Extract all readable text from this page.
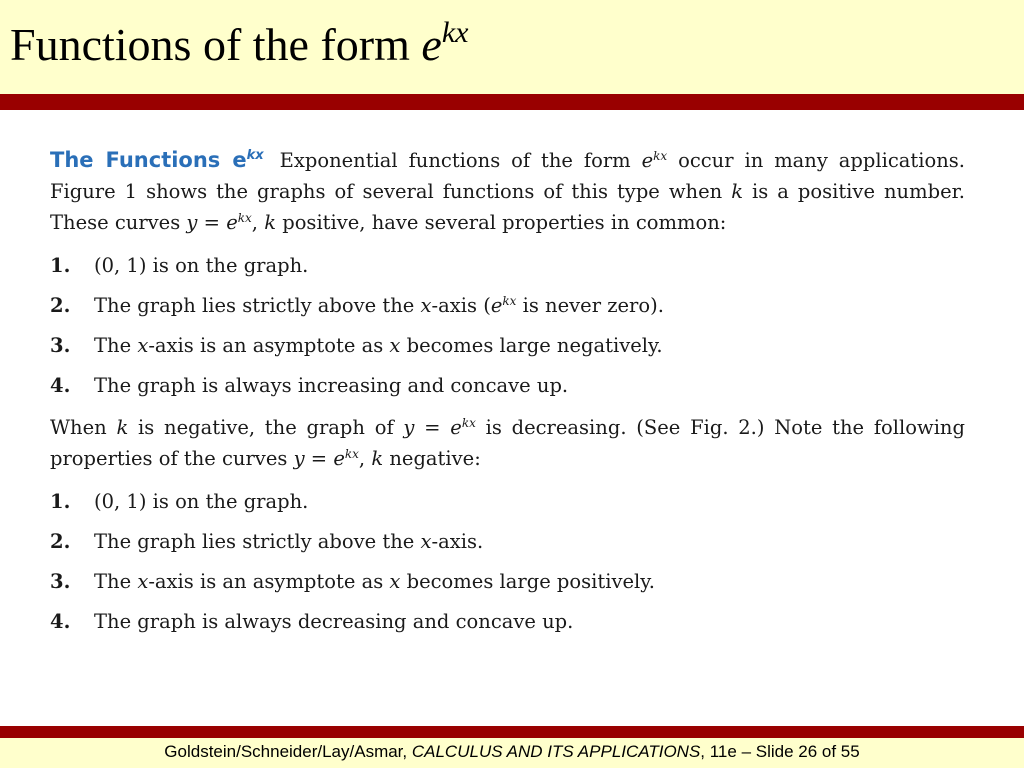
Functions of the form $e^{kx}$

The Functions $e^{kx}$ Exponential functions of the form $e^{kx}$ occur in many applications. Figure 1 shows the graphs of several functions of this type when k is a positive number. These curves $y = e^{kx}$, k positive, have several properties in common:

1.	(0, 1) is on the graph.
2.	The graph lies strictly above the x-axis ($e^{kx}$ is never zero).
3.	The x-axis is an asymptote as x becomes large negatively.
4.	The graph is always increasing and concave up.

When k is negative, the graph of $y = e^{kx}$ is decreasing. (See Fig. 2.) Note the following properties of the curves $y = e^{kx}$, k negative:

1.	(0, 1) is on the graph.
2.	The graph lies strictly above the x-axis.
3.	The x-axis is an asymptote as x becomes large positively.
4.	The graph is always decreasing and concave up.
Goldstein/Schneider/Lay/Asmar, CALCULUS AND ITS APPLICATIONS, 11e – Slide 26 of 55
